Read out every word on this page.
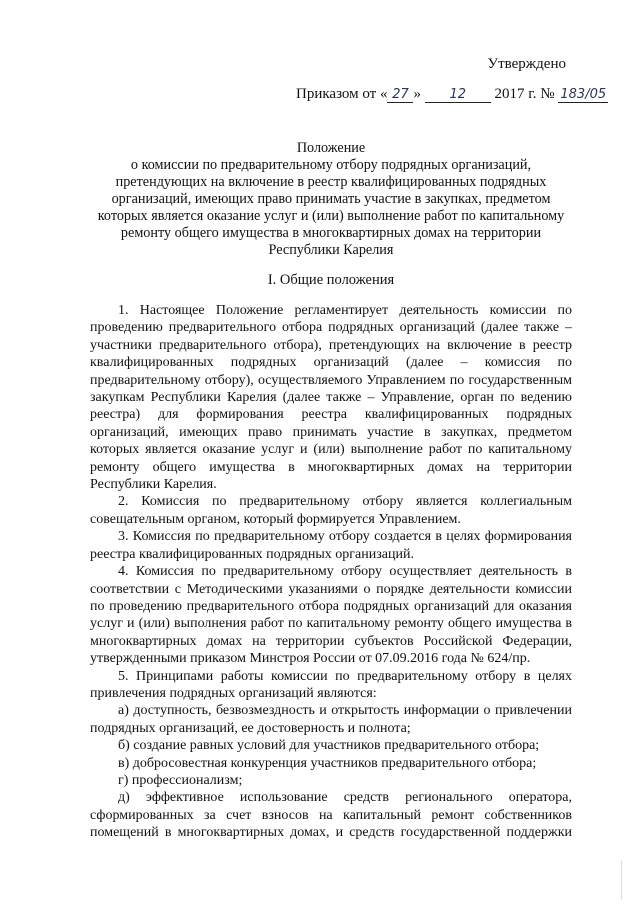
Утверждено
Приказом от « 27 » 12 2017 г. № 183/05
Положение
о комиссии по предварительному отбору подрядных организаций,
претендующих на включение в реестр квалифицированных подрядных
организаций, имеющих право принимать участие в закупках, предметом
которых является оказание услуг и (или) выполнение работ по капитальному
ремонту общего имущества в многоквартирных домах на территории
Республики Карелия
I. Общие положения

1. Настоящее Положение регламентирует деятельность комиссии по проведению предварительного отбора подрядных организаций (далее также – участники предварительного отбора), претендующих на включение в реестр квалифицированных подрядных организаций (далее – комиссия по предварительному отбору), осуществляемого Управлением по государственным закупкам Республики Карелия (далее также – Управление, орган по ведению реестра) для формирования реестра квалифицированных подрядных организаций, имеющих право принимать участие в закупках, предметом которых является оказание услуг и (или) выполнение работ по капитальному ремонту общего имущества в многоквартирных домах на территории Республики Карелия.

2. Комиссия по предварительному отбору является коллегиальным совещательным органом, который формируется Управлением.

3. Комиссия по предварительному отбору создается в целях формирования реестра квалифицированных подрядных организаций.

4. Комиссия по предварительному отбору осуществляет деятельность в соответствии с Методическими указаниями о порядке деятельности комиссии по проведению предварительного отбора подрядных организаций для оказания услуг и (или) выполнения работ по капитальному ремонту общего имущества в многоквартирных домах на территории субъектов Российской Федерации, утвержденными приказом Минстроя России от 07.09.2016 года № 624/пр.

5. Принципами работы комиссии по предварительному отбору в целях привлечения подрядных организаций являются:

а) доступность, безвозмездность и открытость информации о привлечении подрядных организаций, ее достоверность и полнота;

б) создание равных условий для участников предварительного отбора;

в) добросовестная конкуренция участников предварительного отбора;

г) профессионализм;

д) эффективное использование средств регионального оператора, сформированных за счет взносов на капитальный ремонт собственников помещений в многоквартирных домах, и средств государственной поддержки
